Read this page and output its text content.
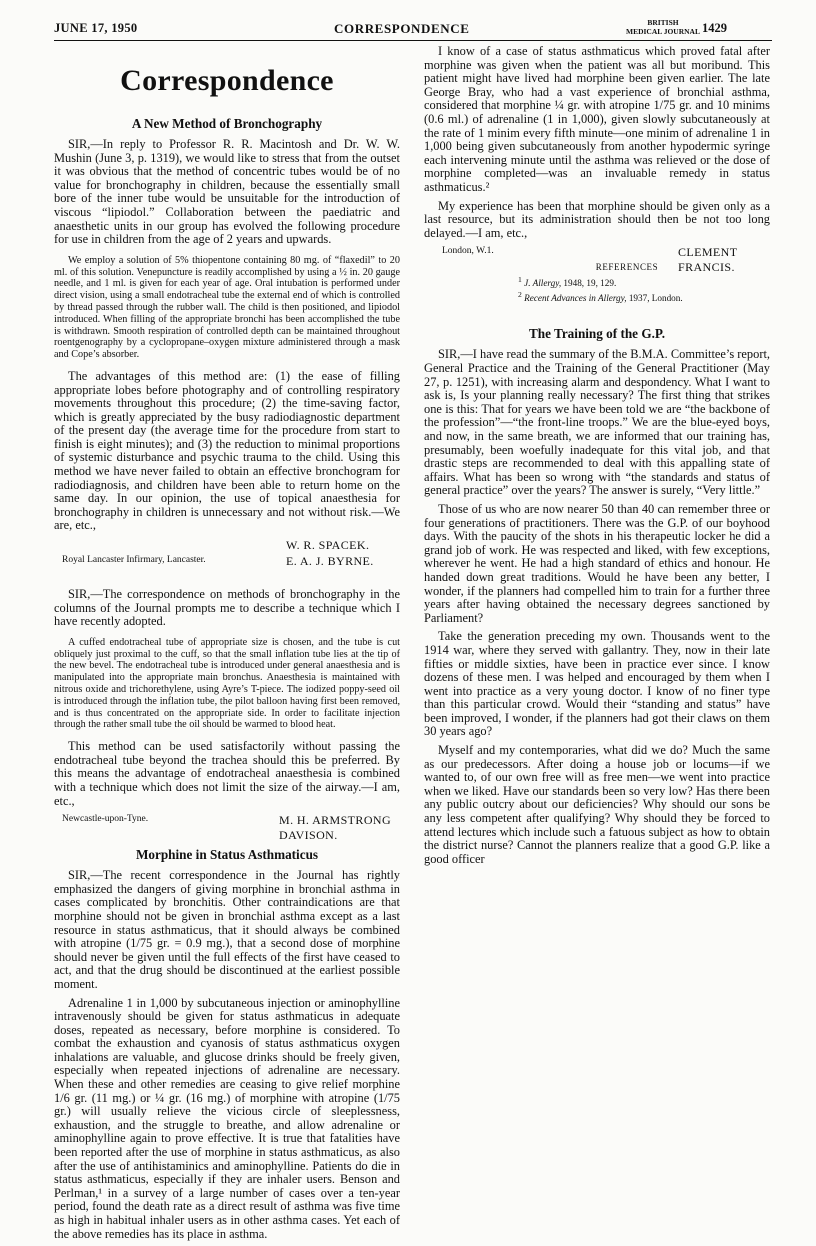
JUNE 17, 1950	CORRESPONDENCE	BRITISH
MEDICAL JOURNAL 1429
Correspondence
A New Method of Bronchography

SIR,—In reply to Professor R. R. Macintosh and Dr. W. W. Mushin (June 3, p. 1319), we would like to stress that from the outset it was obvious that the method of concentric tubes would be of no value for bronchography in children, because the essentially small bore of the inner tube would be unsuitable for the introduction of viscous “lipiodol.” Collaboration between the paediatric and anaesthetic units in our group has evolved the following procedure for use in children from the age of 2 years and upwards.

We employ a solution of 5% thiopentone containing 80 mg. of “flaxedil” to 20 ml. of this solution. Venepuncture is readily accomplished by using a ½ in. 20 gauge needle, and 1 ml. is given for each year of age. Oral intubation is performed under direct vision, using a small endotracheal tube the external end of which is controlled by thread passed through the rubber wall. The child is then positioned, and lipiodol introduced. When filling of the appropriate bronchi has been accomplished the tube is withdrawn. Smooth respiration of controlled depth can be maintained throughout roentgenography by a cyclopropane–oxygen mixture administered through a mask and Cope’s absorber.

The advantages of this method are: (1) the ease of filling appropriate lobes before photography and of controlling respiratory movements throughout this procedure; (2) the time-saving factor, which is greatly appreciated by the busy radiodiagnostic department of the present day (the average time for the procedure from start to finish is eight minutes); and (3) the reduction to minimal proportions of systemic disturbance and psychic trauma to the child. Using this method we have never failed to obtain an effective bronchogram for radiodiagnosis, and children have been able to return home on the same day. In our opinion, the use of topical anaesthesia for bronchography in children is unnecessary and not without risk.—We are, etc.,

W. R. SPACEK.
Royal Lancaster Infirmary, Lancaster.	E. A. J. BYRNE.

SIR,—The correspondence on methods of bronchography in the columns of the Journal prompts me to describe a technique which I have recently adopted.

A cuffed endotracheal tube of appropriate size is chosen, and the tube is cut obliquely just proximal to the cuff, so that the small inflation tube lies at the tip of the new bevel. The endotracheal tube is introduced under general anaesthesia and is manipulated into the appropriate main bronchus. Anaesthesia is maintained with nitrous oxide and trichorethylene, using Ayre’s T-piece. The iodized poppy-seed oil is introduced through the inflation tube, the pilot balloon having first been removed, and is thus concentrated on the appropriate side. In order to facilitate injection through the rather small tube the oil should be warmed to blood heat.

This method can be used satisfactorily without passing the endotracheal tube beyond the trachea should this be preferred. By this means the advantage of endotracheal anaesthesia is combined with a technique which does not limit the size of the airway.—I am, etc.,

Newcastle-upon-Tyne.	M. H. ARMSTRONG DAVISON.
Morphine in Status Asthmaticus

SIR,—The recent correspondence in the Journal has rightly emphasized the dangers of giving morphine in bronchial asthma in cases complicated by bronchitis. Other contraindications are that morphine should not be given in bronchial asthma except as a last resource in status asthmaticus, that it should always be combined with atropine (1/75 gr. = 0.9 mg.), that a second dose of morphine should never be given until the full effects of the first have ceased to act, and that the drug should be discontinued at the earliest possible moment.

Adrenaline 1 in 1,000 by subcutaneous injection or aminophylline intravenously should be given for status asthmaticus in adequate doses, repeated as necessary, before morphine is considered. To combat the exhaustion and cyanosis of status asthmaticus oxygen inhalations are valuable, and glucose drinks should be freely given, especially when repeated injections of adrenaline are necessary. When these and other remedies are ceasing to give relief morphine 1/6 gr. (11 mg.) or ¼ gr. (16 mg.) of morphine with atropine (1/75 gr.) will usually relieve the vicious circle of sleeplessness, exhaustion, and the struggle to breathe, and allow adrenaline or aminophylline again to prove effective. It is true that fatalities have been reported after the use of morphine in status asthmaticus, as also after the use of antihistaminics and aminophylline. Patients do die in status asthmaticus, especially if they are inhaler users. Benson and Perlman,¹ in a survey of a large number of cases over a ten-year period, found the death rate as a direct result of asthma was five time as high in habitual inhaler users as in other asthma cases. Yet each of the above remedies has its place in asthma.

I know of a case of status asthmaticus which proved fatal after morphine was given when the patient was all but moribund. This patient might have lived had morphine been given earlier. The late George Bray, who had a vast experience of bronchial asthma, considered that morphine ¼ gr. with atropine 1/75 gr. and 10 minims (0.6 ml.) of adrenaline (1 in 1,000), given slowly subcutaneously at the rate of 1 minim every fifth minute—one minim of adrenaline 1 in 1,000 being given subcutaneously from another hypodermic syringe each intervening minute until the asthma was relieved or the dose of morphine completed—was an invaluable remedy in status asthmaticus.²

My experience has been that morphine should be given only as a last resource, but its administration should then be not too long delayed.—I am, etc.,

London, W.1.	CLEMENT FRANCIS.
REFERENCES
$^1$ J. Allergy, 1948, 19, 129.
$^2$ Recent Advances in Allergy, 1937, London.
The Training of the G.P.

SIR,—I have read the summary of the B.M.A. Committee’s report, General Practice and the Training of the General Practitioner (May 27, p. 1251), with increasing alarm and despondency. What I want to ask is, Is your planning really necessary? The first thing that strikes one is this: That for years we have been told we are “the backbone of the profession”—“the front-line troops.” We are the blue-eyed boys, and now, in the same breath, we are informed that our training has, presumably, been woefully inadequate for this vital job, and that drastic steps are recommended to deal with this appalling state of affairs. What has been so wrong with “the standards and status of general practice” over the years? The answer is surely, “Very little.”

Those of us who are now nearer 50 than 40 can remember three or four generations of practitioners. There was the G.P. of our boyhood days. With the paucity of the shots in his therapeutic locker he did a grand job of work. He was respected and liked, with few exceptions, wherever he went. He had a high standard of ethics and honour. He handed down great traditions. Would he have been any better, I wonder, if the planners had compelled him to train for a further three years after having obtained the necessary degrees sanctioned by Parliament?

Take the generation preceding my own. Thousands went to the 1914 war, where they served with gallantry. They, now in their late fifties or middle sixties, have been in practice ever since. I know dozens of these men. I was helped and encouraged by them when I went into practice as a very young doctor. I know of no finer type than this particular crowd. Would their “standing and status” have been improved, I wonder, if the planners had got their claws on them 30 years ago?

Myself and my contemporaries, what did we do? Much the same as our predecessors. After doing a house job or locums—if we wanted to, of our own free will as free men—we went into practice when we liked. Have our standards been so very low? Has there been any public outcry about our deficiencies? Why should our sons be any less competent after qualifying? Why should they be forced to attend lectures which include such a fatuous subject as how to obtain the district nurse? Cannot the planners realize that a good G.P. like a good officer
